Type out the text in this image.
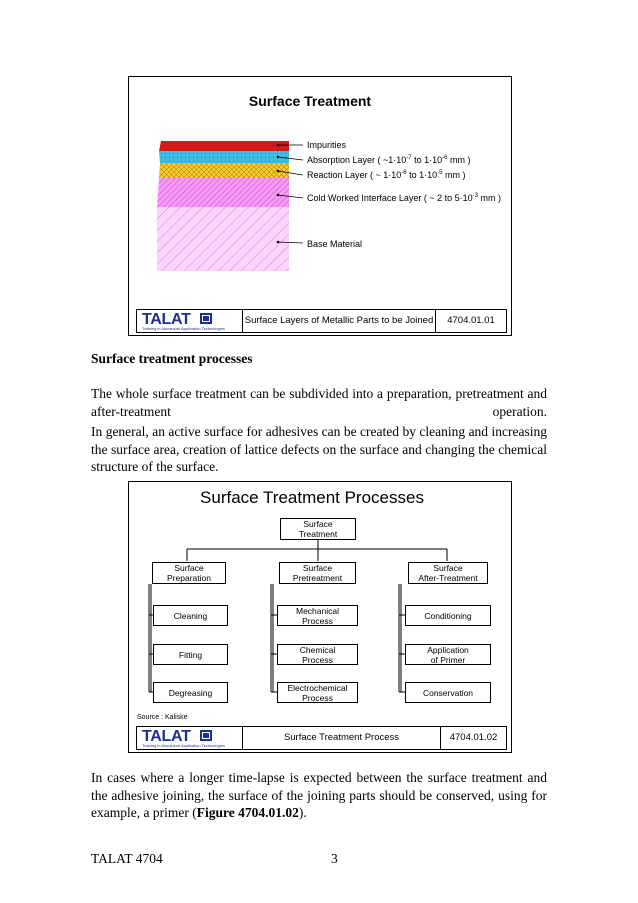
Surface Treatment
Impurities
Absorption Layer ( $\sim 1\cdot 10^{-7}$ to $1\cdot 10^{-6}$ mm )
Reaction Layer ( ~ $1\cdot 10^{-6}$ to $1\cdot 10^{-5}$ mm )
Cold Worked Interface Layer ( ~ 2 to $5\cdot 10^{-3}$ mm )
Base Material
TALAT
Training in Aluminium Application Technologies
Surface Layers of Metallic Parts to be Joined	4704.01.01
Surface treatment processes
The whole surface treatment can be subdivided into a preparation, pretreatment and after-treatment operation.
In general, an active surface for adhesives can be created by cleaning and increasing the surface area, creation of lattice defects on the surface and changing the chemical structure of the surface.
Surface Treatment Processes
Surface
Treatment
Surface
Preparation
Surface
Pretreatment
Surface
After-Treatment
Cleaning
Fitting
Degreasing
Mechanical
Process
Chemical
Process
Electrochemical
Process
Conditioning
Application
of Primer
Conservation
Source : Kaliske
TALAT
Training in Aluminium Application Technologies
Surface Treatment Process	4704.01.02
In cases where a longer time-lapse is expected between the surface treatment and the adhesive joining, the surface of the joining parts should be conserved, using for example, a primer (Figure 4704.01.02).
TALAT 4704	3
